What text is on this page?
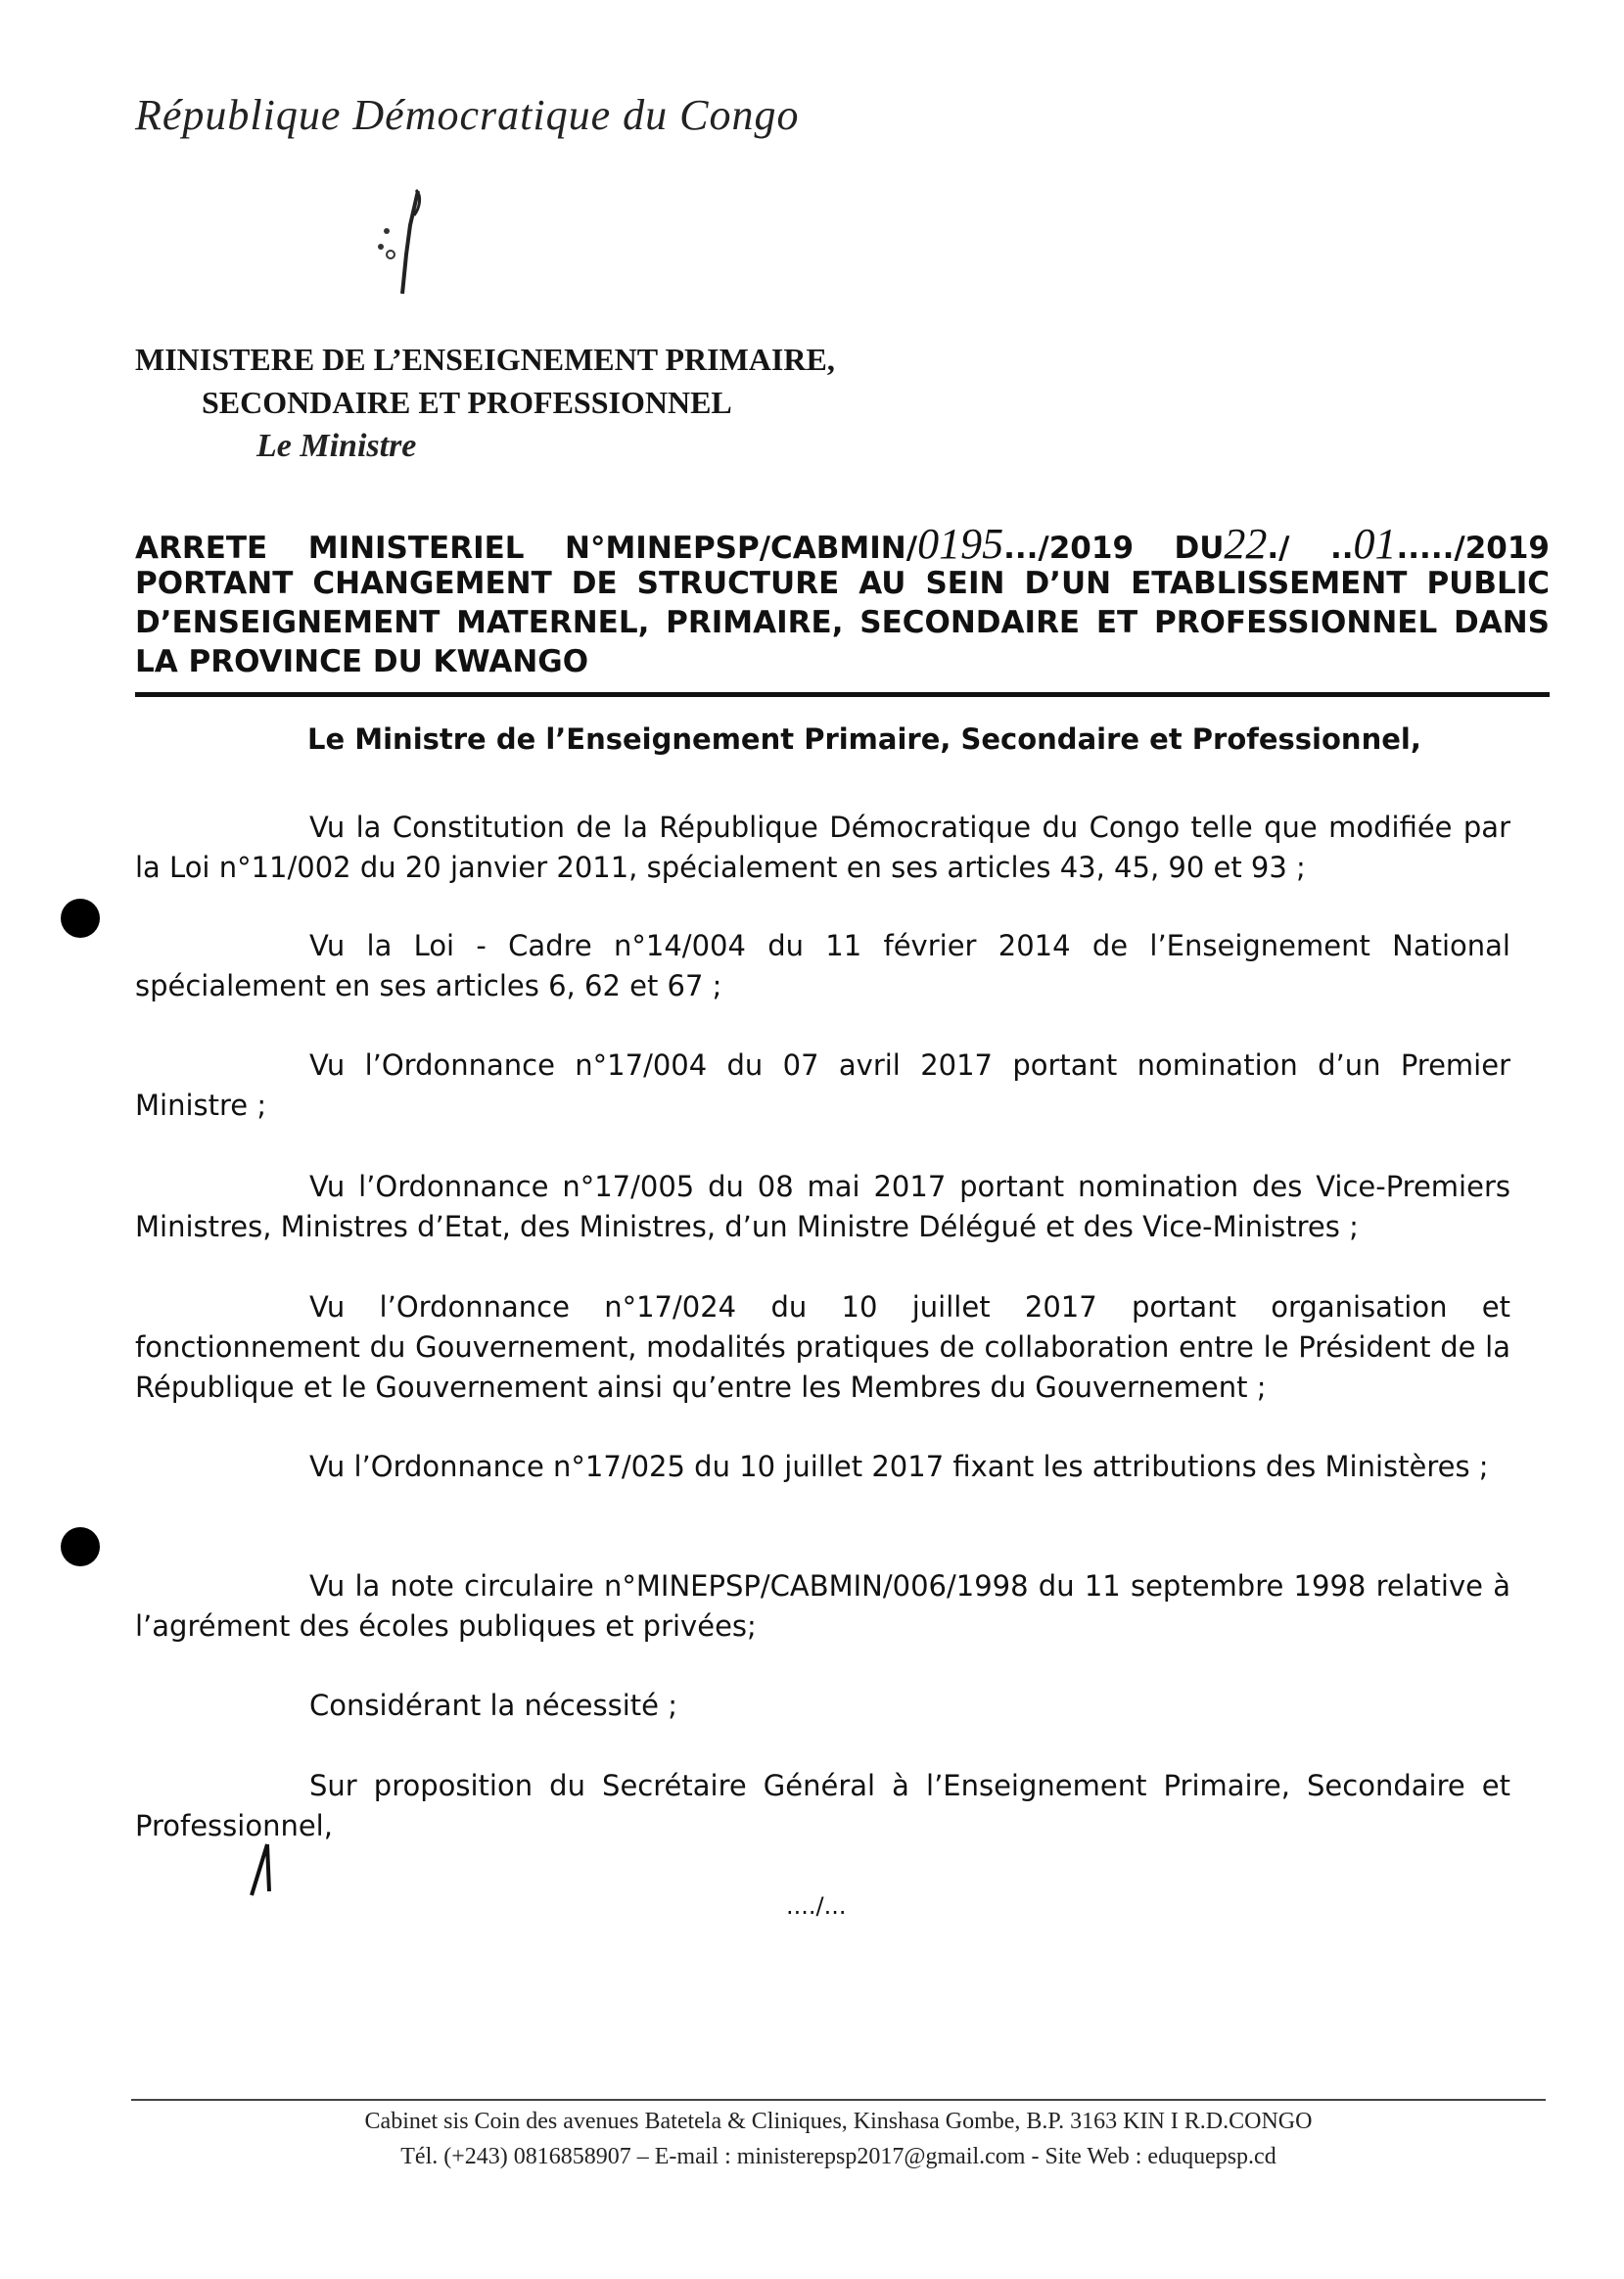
République Démocratique du Congo
MINISTERE DE L’ENSEIGNEMENT PRIMAIRE,
SECONDAIRE ET PROFESSIONNEL
Le Ministre
ARRETE MINISTERIEL N°MINEPSP/CABMIN/0195.../2019 DU22./ ..01...../2019
PORTANT CHANGEMENT DE STRUCTURE AU SEIN D’UN ETABLISSEMENT PUBLIC D’ENSEIGNEMENT MATERNEL, PRIMAIRE, SECONDAIRE ET PROFESSIONNEL DANS LA PROVINCE DU KWANGO
Le Ministre de l’Enseignement Primaire, Secondaire et Professionnel,
Vu la Constitution de la République Démocratique du Congo telle que modifiée par la Loi n°11/002 du 20 janvier 2011, spécialement en ses articles 43, 45, 90 et 93 ;
Vu la Loi - Cadre n°14/004 du 11 février 2014 de l’Enseignement National spécialement en ses articles 6, 62 et 67 ;
Vu l’Ordonnance n°17/004 du 07 avril 2017 portant nomination d’un Premier Ministre ;
Vu l’Ordonnance n°17/005 du 08 mai 2017 portant nomination des Vice-Premiers Ministres, Ministres d’Etat, des Ministres, d’un Ministre Délégué et des Vice-Ministres ;
Vu l’Ordonnance n°17/024 du 10 juillet 2017 portant organisation et fonctionnement du Gouvernement, modalités pratiques de collaboration entre le Président de la République et le Gouvernement ainsi qu’entre les Membres du Gouvernement ;
Vu l’Ordonnance n°17/025 du 10 juillet 2017 fixant les attributions des Ministères ;
Vu la note circulaire n°MINEPSP/CABMIN/006/1998 du 11 septembre 1998 relative à l’agrément des écoles publiques et privées;
Considérant la nécessité ;
Sur proposition du Secrétaire Général à l’Enseignement Primaire, Secondaire et Professionnel,
..../...
Cabinet sis Coin des avenues Batetela & Cliniques, Kinshasa Gombe, B.P. 3163 KIN I R.D.CONGO
Tél. (+243) 0816858907 – E-mail : ministerepsp2017@gmail.com - Site Web : eduquepsp.cd
